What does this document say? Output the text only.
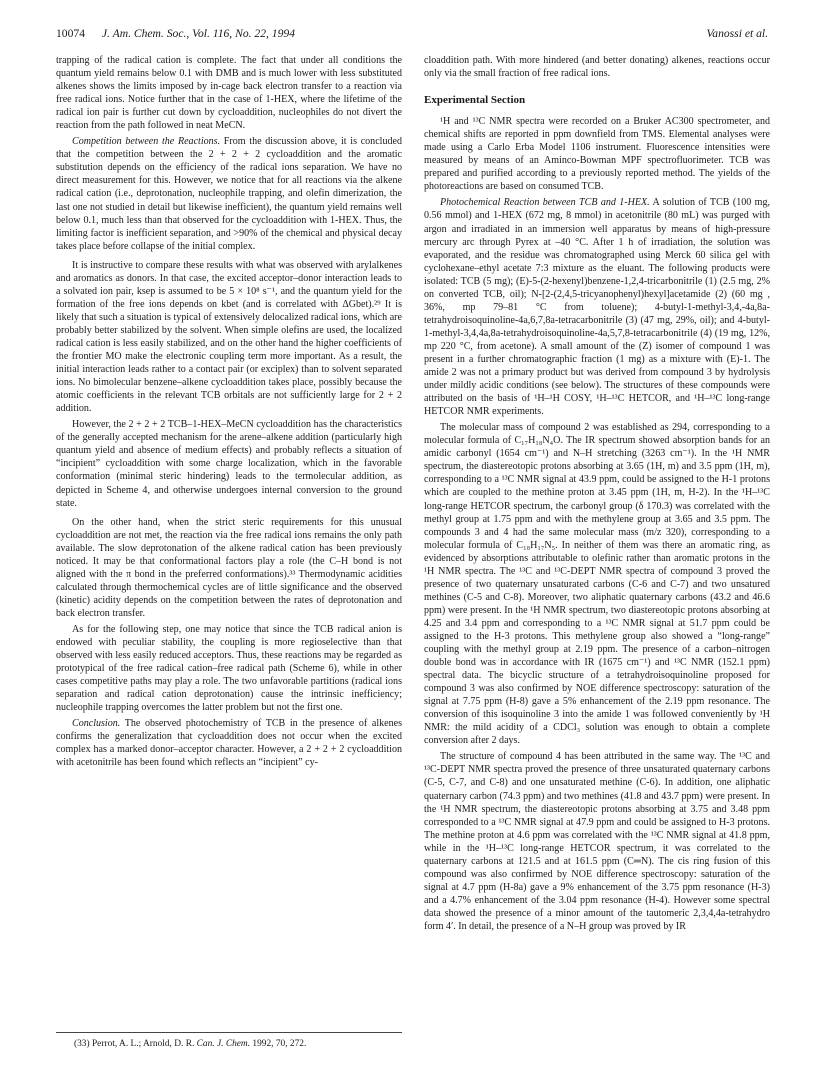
10074 J. Am. Chem. Soc., Vol. 116, No. 22, 1994	Vanossi et al.

trapping of the radical cation is complete. The fact that under all conditions the quantum yield remains below 0.1 with DMB and is much lower with less substituted alkenes shows the limits imposed by in-cage back electron transfer to a reaction via free radical ions. Notice further that in the case of 1-HEX, where the lifetime of the radical ion pair is further cut down by cycloaddition, nucleophiles do not divert the reaction from the path followed in neat MeCN.

Competition between the Reactions. From the discussion above, it is concluded that the competition between the 2 + 2 + 2 cycloaddition and the aromatic substitution depends on the efficiency of the radical ions separation. We have no direct measurement for this. However, we notice that for all reactions via the alkene radical cation (i.e., deprotonation, nucleophile trapping, and olefin dimerization, the last one not studied in detail but likewise inefficient), the quantum yield remains well below 0.1, much less than that observed for the cycloaddition with 1-HEX. Thus, the limiting factor is inefficient separation, and >90% of the chemical and physical decay takes place before collapse of the initial complex.

It is instructive to compare these results with what was observed with arylalkenes and aromatics as donors. In that case, the excited acceptor–donor interaction leads to a solvated ion pair, ksep is assumed to be 5 × 10⁸ s⁻¹, and the quantum yield for the formation of the free ions depends on kbet (and is correlated with ΔGbet).²⁹ It is likely that such a situation is typical of extensively delocalized radical ions, which are probably better stabilized by the solvent. When simple olefins are used, the localized radical cation is less easily stabilized, and on the other hand the higher coefficients of the frontier MO make the electronic coupling term more important. As a result, the initial interaction leads rather to a contact pair (or exciplex) than to solvent separated ions. No bimolecular benzene–alkene cycloaddition takes place, possibly because the atomic coefficients in the relevant TCB orbitals are not sufficiently large for 2 + 2 addition.

However, the 2 + 2 + 2 TCB–1-HEX–MeCN cycloaddition has the characteristics of the generally accepted mechanism for the arene–alkene addition (particularly high quantum yield and absence of medium effects) and probably reflects a situation of “incipient” cycloaddition with some charge localization, which in the favorable conformation (minimal steric hindering) leads to the termolecular addition, as depicted in Scheme 4, and otherwise undergoes internal conversion to the ground state.

On the other hand, when the strict steric requirements for this unusual cycloaddition are not met, the reaction via the free radical ions remains the only path available. The slow deprotonation of the alkene radical cation has been previously noticed. It may be that conformational factors play a role (the C–H bond is not aligned with the π bond in the preferred conformations).³³ Thermodynamic acidities calculated through thermochemical cycles are of little significance and the observed (kinetic) acidity depends on the competition between the rates of deprotonation and back electron transfer.

As for the following step, one may notice that since the TCB radical anion is endowed with peculiar stability, the coupling is more regioselective than that observed with less easily reduced acceptors. Thus, these reactions may be regarded as prototypical of the free radical cation–free radical path (Scheme 6), while in other cases competitive paths may play a role. The two unfavorable partitions (radical ions separation and radical cation deprotonation) cause the intrinsic inefficiency; nucleophile trapping overcomes the latter problem but not the first one.

Conclusion. The observed photochemistry of TCB in the presence of alkenes confirms the generalization that cycloaddition does not occur when the excited complex has a marked donor–acceptor character. However, a 2 + 2 + 2 cycloaddition with acetonitrile has been found which reflects an “incipient” cy-

(33) Perrot, A. L.; Arnold, D. R. Can. J. Chem. 1992, 70, 272.

cloaddition path. With more hindered (and better donating) alkenes, reactions occur only via the small fraction of free radical ions.

Experimental Section

¹H and ¹³C NMR spectra were recorded on a Bruker AC300 spectrometer, and chemical shifts are reported in ppm downfield from TMS. Elemental analyses were made using a Carlo Erba Model 1106 instrument. Fluorescence intensities were measured by means of an Aminco-Bowman MPF spectrofluorimeter. TCB was prepared and purified according to a previously reported method. The yields of the photoreactions are based on consumed TCB.

Photochemical Reaction between TCB and 1-HEX. A solution of TCB (100 mg, 0.56 mmol) and 1-HEX (672 mg, 8 mmol) in acetonitrile (80 mL) was purged with argon and irradiated in an immersion well apparatus by means of high-pressure mercury arc through Pyrex at –40 °C. After 1 h of irradiation, the solution was evaporated, and the residue was chromatographed using Merck 60 silica gel with cyclohexane–ethyl acetate 7:3 mixture as the eluant. The following products were isolated: TCB (5 mg); (E)-5-(2-hexenyl)benzene-1,2,4-tricarbonitrile (1) (2.5 mg, 2% on converted TCB, oil); N-[2-(2,4,5-tricyanophenyl)hexyl]acetamide (2) (60 mg , 36%, mp 79–81 °C from toluene); 4-butyl-1-methyl-3,4,-4a,8a-tetrahydroisoquinoline-4a,6,7,8a-tetracarbonitrile (3) (47 mg, 29%, oil); and 4-butyl-1-methyl-3,4,4a,8a-tetrahydroisoquinoline-4a,5,7,8-tetracarbonitrile (4) (19 mg, 12%, mp 220 °C, from acetone). A small amount of the (Z) isomer of compound 1 was present in a further chromatographic fraction (1 mg) as a mixture with (E)-1. The amide 2 was not a primary product but was derived from compound 3 by hydrolysis under mildly acidic conditions (see below). The structures of these compounds were attributed on the basis of ¹H–¹H COSY, ¹H–¹³C HETCOR, and ¹H–¹³C long-range HETCOR NMR experiments.

The molecular mass of compound 2 was established as 294, corresponding to a molecular formula of C₁₇H₁₈N₄O. The IR spectrum showed absorption bands for an amidic carbonyl (1654 cm⁻¹) and N–H stretching (3263 cm⁻¹). In the ¹H NMR spectrum, the diastereotopic protons absorbing at 3.65 (1H, m) and 3.5 ppm (1H, m), corresponding to a ¹³C NMR signal at 43.9 ppm, could be assigned to the H-1 protons which are coupled to the methine proton at 3.45 ppm (1H, m, H-2). In the ¹H–¹³C long-range HETCOR spectrum, the carbonyl group (δ 170.3) was correlated with the methyl group at 1.75 ppm and with the methylene group at 3.65 and 3.5 ppm. The compounds 3 and 4 had the same molecular mass (m/z 320), corresponding to a molecular formula of C₁₈H₁₇N₅. In neither of them was there an aromatic ring, as evidenced by absorptions attributable to olefinic rather than aromatic protons in the ¹H NMR spectra. The ¹³C and ¹³C-DEPT NMR spectra of compound 3 proved the presence of two quaternary unsaturated carbons (C-6 and C-7) and two unsatured methines (C-5 and C-8). Moreover, two aliphatic quaternary carbons (43.2 and 46.6 ppm) were present. In the ¹H NMR spectrum, two diastereotopic protons absorbing at 4.25 and 3.4 ppm and corresponding to a ¹³C NMR signal at 51.7 ppm could be assigned to the H-3 protons. This methylene group also showed a “long-range” coupling with the methyl group at 2.19 ppm. The presence of a carbon–nitrogen double bond was in accordance with IR (1675 cm⁻¹) and ¹³C NMR (152.1 ppm) spectral data. The bicyclic structure of a tetrahydroisoquinoline proposed for compound 3 was also confirmed by NOE difference spectroscopy: saturation of the signal at 7.75 ppm (H-8) gave a 5% enhancement of the 2.19 ppm resonance. The conversion of this isoquinoline 3 into the amide 1 was followed conveniently by ¹H NMR: the mild acidity of a CDCl₃ solution was enough to obtain a complete conversion after 2 days.

The structure of compound 4 has been attributed in the same way. The ¹³C and ¹³C-DEPT NMR spectra proved the presence of three unsaturated quaternary carbons (C-5, C-7, and C-8) and one unsaturated methine (C-6). In addition, one aliphatic quaternary carbon (74.3 ppm) and two methines (41.8 and 43.7 ppm) were present. In the ¹H NMR spectrum, the diastereotopic protons absorbing at 3.75 and 3.48 ppm corresponded to a ¹³C NMR signal at 47.9 ppm and could be assigned to H-3 protons. The methine proton at 4.6 ppm was correlated with the ¹³C NMR signal at 41.8 ppm, while in the ¹H–¹³C long-range HETCOR spectrum, it was correlated to the quaternary carbons at 121.5 and at 161.5 ppm (C═N). The cis ring fusion of this compound was also confirmed by NOE difference spectroscopy: saturation of the signal at 4.7 ppm (H-8a) gave a 9% enhancement of the 3.75 ppm resonance (H-3) and a 4.7% enhancement of the 3.04 ppm resonance (H-4). However some spectral data showed the presence of a minor amount of the tautomeric 2,3,4,4a-tetrahydro form 4′. In detail, the presence of a N–H group was proved by IR
